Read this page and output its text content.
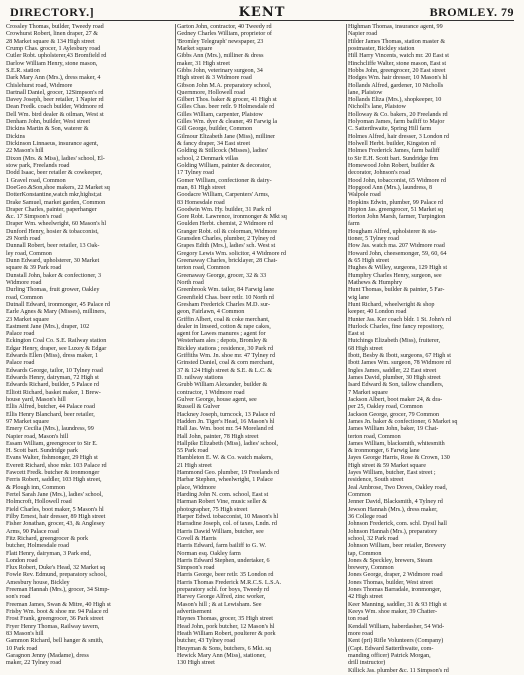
DIRECTORY.]	KENT	BROMLEY. 79

Crossley Thomas, builder, Tweedy road

Crowhurst Robert, linen draper, 27 &

28 Market square & 134 High street

Crump Chas. grocer, 1 Aylesbury road

Cutler Robt. upholsterer,43 Bromfield rd

Darlow William Henry, stone mason,

S.E.R. station

Dark Mary Ann (Mrs.), dress maker, 4

Chislehurst road, Widmore

Dartnall Daniel, grocer, 12Simpson's rd

Davey Joseph, beer retailer, 1 Napier rd

Dean Fredk. coach builder, Widmore rd

Dell Wm. bird dealer & oilman, West st

Denham John, builder, West street

Dickins Martin & Son, waterer &

Dickins

Dickinson Linnaeus, insurance agent,

22 Mason's hill

Dixon (Mrs. & Miss), ladies' school, El-

stow park, Freelands road

Dodd Isaac, beer retailer & cowkeeper,

1 Gravel road, Common

DoeGeo.&Son,shoe makers, 22 Market sq

DotterKonstantine,watch mkr,highst;at

Drake Samuel, market garden, Common

Draper Charles, painter, paperhanger

&c. 17 Simpson's road

Draper Wm. wheelwright, 60 Mason's hl

Dunford Henry, hosier & tobacconist,

29 North road

Dunnall Robert, beer retailer, 13 Oak-

ley road, Common

Dunn Edward, upholsterer, 30 Market

square & 39 Park road

Dunstall John, baker & confectioner, 3

Widmore road

Durling Thomas, fruit grower, Oakley

road, Common

Dutnall Edward, ironmonger, 45 Palace rd

Earle Agnes & Mary (Misses), milliners,

23 Market square

Eastment Jane (Mrs.), draper, 102

Palace road

Eckington Coal Co. S.E. Railway station

Edgar Henry, draper, see Luxey & Edgar

Edwards Ellen (Miss), dress maker, 1

Palace road

Edwards George, tailor, 10 Tylney road

Edwards Henry, dairyman, 72 High st

Edwards Richard, builder, 5 Palace rd

Elliott Richard, basket maker, 1 Brew-

house yard, Mason's hill

Ellis Alfred, butcher, 44 Palace road

Ellis Henry Blanchard, beer retailer,

97 Market square

Emery Cecilia (Mrs.), laundress, 99

Napier road, Mason's hill

Essam William, greengrocer to Sir E.

H. Scott bart. Sundridge park

Evans Walter, fishmonger, 29 High st

Everett Richard, shoe mkr. 103 Palace rd

Fawcett Fredk. butcher & ironmonger

Ferris Robert, saddler, 103 High street,

& Plough inn, Common

Fertel Sarah Jane (Mrs.), ladies' school,

Holmcroft, Hollowell road

Field Charles, boot maker, 5 Mason's hl

Filby Ernest, hair dresser, 89 High street

Fisher Jonathan, grocer, 43, & Anglesey

Arms, 90 Palace road

Fitz Richard, greengrocer & pork

butcher, Holmesdale road

Flatt Henry, dairyman, 3 Park end,

London road

Flux Robert, Duke's Head, 32 Market sq

Fowle Rev. Edmund, preparatory school,

Amesbury house, Bickley

Freeman Hannah (Mrs.), grocer, 34 Simp-

son's road

Freeman James, Swan & Mitre, 40 High st

Frisby Wm. boot & shoe mr. 94 Palace rd

Frost Frank, greengrocer, 36 Park street

Fryer Henry Thomas, Railway tavern,

83 Mason's hill

Gammon Richard, bell hanger & smith,

10 Park road

Garagnon Jenny (Madame), dress

maker, 22 Tylney road

Garton John, contractor, 40 Tweedy rd

Gedney Charles William, proprietor of

'Bromley Telegraph' newspaper, 23

Market square

Gibbs Ann (Mrs.), milliner & dress

maker, 31 High street

Gibbs John, veterinary surgeon, 34

High street & 3 Widmore road

Gibson John M.A. preparatory school,

Quernmore, Hollowell road

Gilbert Thos. baker & grocer, 41 High st

Gilles Chas. beer retlr. 9 Holmesdale rd

Gilles William, carpenter, Plaistow

Gilles Wm. dyer & cleaner, 49 Farwig la

Gill George, builder, Common

Gilmour Elizabeth Jane (Miss), milliner

& fancy draper, 34 East street

Golding & Stillcock (Misses), ladies'

school, 2 Denmark villas

Golding William, painter & decorator,

17 Tylney road

Gomer William, confectioner & dairy-

man, 81 High street

Goodacre William, Carpenters' Arms,

83 Homesdale road

Goodwin Wm. Hy. builder, 31 Park rd

Gore Robt. Lawrence, ironmonger & Mkt sq

Goulden Herbt. chemist, 2 Widmore rd

Granger Robt. oil & colorman, Widmore

Gransden Charles, plumber, 2 Tylney rd

Grapes Edith (Mrs.), ladies' sch. West st

Gregory Lewis Wm. solicitor, 4 Widmore rd

Greenaway Charles, bricklayer, 28 Chat-

terton road, Common

Greenaway George, grocer, 32 & 33

North road

Greenbrook Wm. tailor, 84 Farwig lane

Greenfield Chas. beer retlr. 10 North rd

Gresham Frederick Charles M.D. sur-

geon, Fairlawn, 4 Common

Griffin Albert, coal & coke merchant,

dealer in linseed, cotton & rape cakes,

agent for Lawes manures ; agent for

Westerham ales ; depots, Bromley &

Bickley stations ; residence, 30 Park rd

Griffiths Wm. Jn. shoe mr. 47 Tylney rd

Grinsted Daniel, coal & corn merchant,

37 & 124 High street & S.E. & L.C. &

D. railway stations

Grubb William Alexander, builder &

contractor, 1 Widmore road

Gulver George, house agent, see

Russell & Gulver

Hackney Joseph, turncock, 13 Palace rd

Hadden Jn. Tiger's Head, 16 Mason's hl

Hall Jas. Wm. boot mr. 54 Moreland rd

Hall John, painter, 78 High street

Hallpike Elizabeth (Miss), ladies' school,

55 Park road

Hambleton E. W. & Co. watch makers,

21 High street

Hammond Geo. plumber, 19 Freelands rd

Harbar Stephen, wheelwright, 1 Palace

place, Widmore

Harding John N. com. school, East st

Harman Robert Vine, music seller &

photographer, 75 High street

Harper Edwd. tobacconist, 10 Mason's hl

Harradine Joseph, col. of taxes, Lndn. rd

Harris Dawid William, butcher, see

Covell & Harris

Harris Edward, farm bailiff to G. W.

Norman esq. Oakley farm

Harris Edward Stephen, undertaker, 6

Simpson's road

Harris George, beer retlr. 35 London rd

Harris Thomas Frederick M.R.C.S. L.S.A.

preparatory schl. for boys, Tweedy rd

Harvey George Alfred, zinc worker,

Mason's hill ; & at Lewisham. See

advertisement

Haynes Thomas, grocer, 35 High street

Head John, pork butcher, 12 Mason's hl

Heath William Robert, poulterer & pork

butcher, 43 Tylney road

Heuyman & Sons, butchers, 6 Mkt. sq

Hewick Mary Ann (Miss), stationer,

130 High street

Highman Thomas, insurance agent, 99

Napier road

Hilder James Thomas, station master &

postmaster, Bickley station

Hill Harry Vincents, watch mr. 20 East st

Hinchcliffe Walter, stone mason, East st

Hobbs John, greengrocer, 20 East street

Hodges Wm. hair dresser, 10 Mason's hl

Hollands Alfred, gardener, 10 Nicholls

lane, Plaistow

Hollands Eliza (Mrs.), shopkeeper, 10

Nicholl's lane, Plaistow

Holloway & Co. bakers, 20 Freelands rd

Holyoman James, farm bailiff to Major

C. Satterthwaite, Spring Hill farm

Holmes Alfred, hair dresser, 3 London rd

Holwell Herbt. builder, Kingston rd

Holmes Frederick James, farm bailiff

to Sir E.H. Scott bart. Sundridge frm

Homewood John Robert, builder &

decorator, Johnson's road

Hood John, tobacconist, 65 Widmore rd

Hopgood Ann (Mrs.), laundress, 8

Walpole road

Hopkins Edwin, plumber, 99 Palace rd

Hopton Jas. greengrocer, 51 Market sq

Horton John Marsh, farmer, Turpington

farm

Hougham Alfred, upholsterer & sta-

tioner, 5 Tylney road

How Jas. watch ma. 207 Widmore road

Howard John, cheesemonger, 59, 60, 64

& 65 High street

Hughes & Willey, surgeons, 129 High st

Humphry Charles Henry, surgeon, see

Mathews & Humphry

Hunt Thomas, builder & painter, 5 Far-

wig lane

Hunt Richard, wheelwright & shop

keeper, 40 London road

Hunter Jas. Ker coach bldr. 1 St. John's rd

Hurlock Charles, fine fancy repository,

East st

Hutchings Elizabeth (Miss), fruiterer,

68 High street

Ibott, Besby & Ibott, surgeons, 67 High st

Ibott James Wm. surgeon, 78 Widmore rd

Ingles James, saddler, 22 East street

James David, plumber, 30 High street

Isard Edward & Son, tallow chandlers,

7 Market square

Jackson Albert, boot maker 24, & dra-

per 25, Oakley road, Common

Jackson George, grocer, 79 Common

James Jn. baker & confectioner, 6 Market sq

James William John, baker, 19 Chat-

terton road, Common

James William, blacksmith, whitesmith

& ironmonger, 6 Farwig lane

Jayes George Harris, Rose & Crown, 130

High street & 59 Market square

Jayes William, butcher, East street ;

residence, South street

Jeal Ambrose, Two Doves, Oakley road,

Common

Jenner David, Blacksmith, 4 Tylney rd

Jewson Hannah (Mrs.), dress maker,

36 College road

Johnson Frederick, com. schl. Dysil hall

Johnson Hannah (Mrs.), preparatory

school, 32 Park road

Johnson William, beer retailer, Brewery

tap, Common

Jones & Speckley, brewers, Steam

brewery, Common

Jones George, draper, 2 Widmore road

Jones Thomas, builder, West street

Jones Thomas Barradale, ironmonger,

42 High street

Keer Manning, saddler, 31 & 93 High st

Keeys Wm. shoe maker, 39 Chatter-

ton road

Kendall William, haberdasher, 54 Wid-

more road

Kent (pri) Rifle Volunteers (Company)

(Capt. Edward Satterthwaite, com-

manding officer) Patrick Morgan,

drill instructor)

Killick Jas. plumber &c. 11 Simpson's rd
